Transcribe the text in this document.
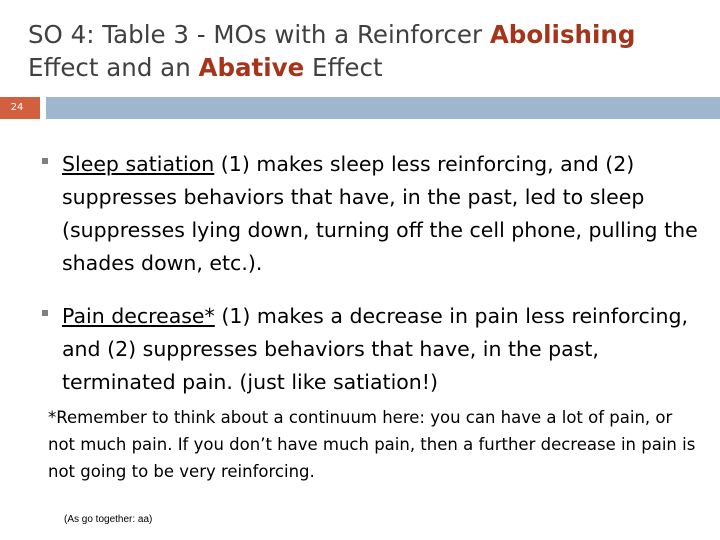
SO 4: Table 3 - MOs with a Reinforcer Abolishing Effect and an Abative Effect
24
Sleep satiation (1) makes sleep less reinforcing, and (2) suppresses behaviors that have, in the past, led to sleep (suppresses lying down, turning off the cell phone, pulling the shades down, etc.).
Pain decrease* (1) makes a decrease in pain less reinforcing, and (2) suppresses behaviors that have, in the past, terminated pain. (just like satiation!)
*Remember to think about a continuum here: you can have a lot of pain, or not much pain. If you don’t have much pain, then a further decrease in pain is not going to be very reinforcing.
(As go together: aa)
